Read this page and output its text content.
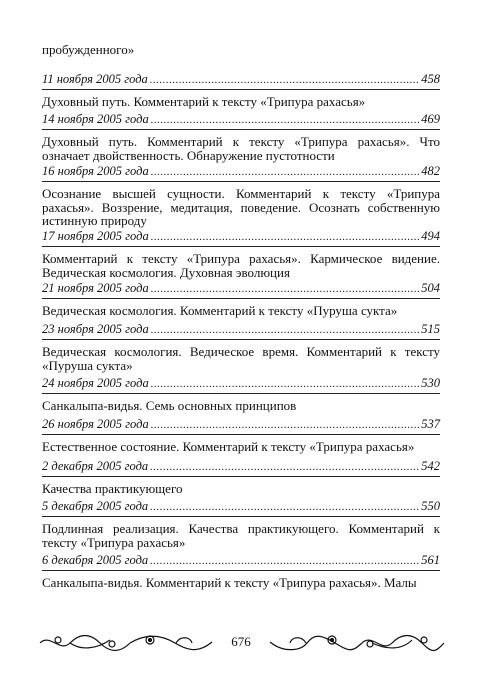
пробужденного»
11 ноября 2005 года .....	458
Духовный путь. Комментарий к тексту «Трипура рахасья»
14 ноября 2005 года .....	469
Духовный путь. Комментарий к тексту «Трипура рахасья». Что означает двойственность. Обнаружение пустотности
16 ноября 2005 года .....	482
Осознание высшей сущности. Комментарий к тексту «Трипура рахасья». Воззрение, медитация, поведение. Осознать собственную истинную природу
17 ноября 2005 года .....	494
Комментарий к тексту «Трипура рахасья». Кармическое видение. Ведическая космология. Духовная эволюция
21 ноября 2005 года .....	504
Ведическая космология. Комментарий к тексту «Пуруша сукта»
23 ноября 2005 года .....	515
Ведическая космология. Ведическое время. Комментарий к тексту «Пуруша сукта»
24 ноября 2005 года .....	530
Санкалыпа-видья. Семь основных принципов
26 ноября 2005 года .....	537
Естественное состояние. Комментарий к тексту «Трипура рахасья»
2 декабря 2005 года .....	542
Качества практикующего
5 декабря 2005 года .....	550
Подлинная реализация. Качества практикующего. Комментарий к тексту «Трипура рахасья»
6 декабря 2005 года .....	561
Санкалыпа-видья. Комментарий к тексту «Трипура рахасья». Малы
676
